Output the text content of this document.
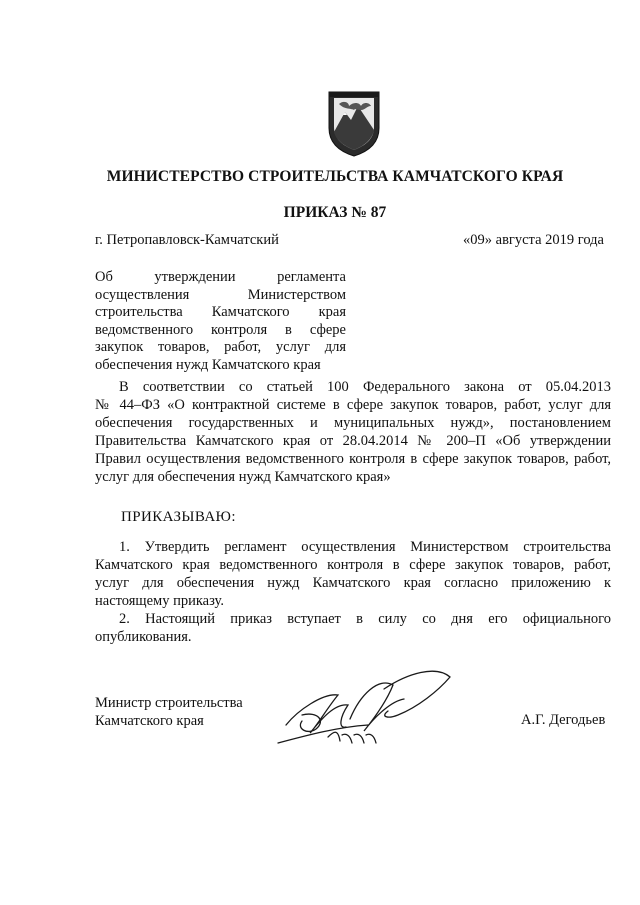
МИНИСТЕРСТВО СТРОИТЕЛЬСТВА КАМЧАТСКОГО КРАЯ
ПРИКАЗ № 87
г. Петропавловск-Камчатский	«09» августа 2019 года
Об утверждении регламента
осуществления Министерством
строительства Камчатского края
ведомственного контроля в сфере
закупок товаров, работ, услуг для
обеспечения нужд Камчатского края
В соответствии со статьей 100 Федерального закона от 05.04.2013
№ 44–ФЗ «О контрактной системе в сфере закупок товаров, работ, услуг для
обеспечения государственных и муниципальных нужд», постановлением
Правительства Камчатского края от 28.04.2014 № 200–П «Об утверждении
Правил осуществления ведомственного контроля в сфере закупок товаров, работ,
услуг для обеспечения нужд Камчатского края»
ПРИКАЗЫВАЮ:
1. Утвердить регламент осуществления Министерством строительства
Камчатского края ведомственного контроля в сфере закупок товаров, работ,
услуг для обеспечения нужд Камчатского края согласно приложению к
настоящему приказу.
2. Настоящий приказ вступает в силу со дня его официального
опубликования.
Министр строительства
Камчатского края	А.Г. Дегодьев
